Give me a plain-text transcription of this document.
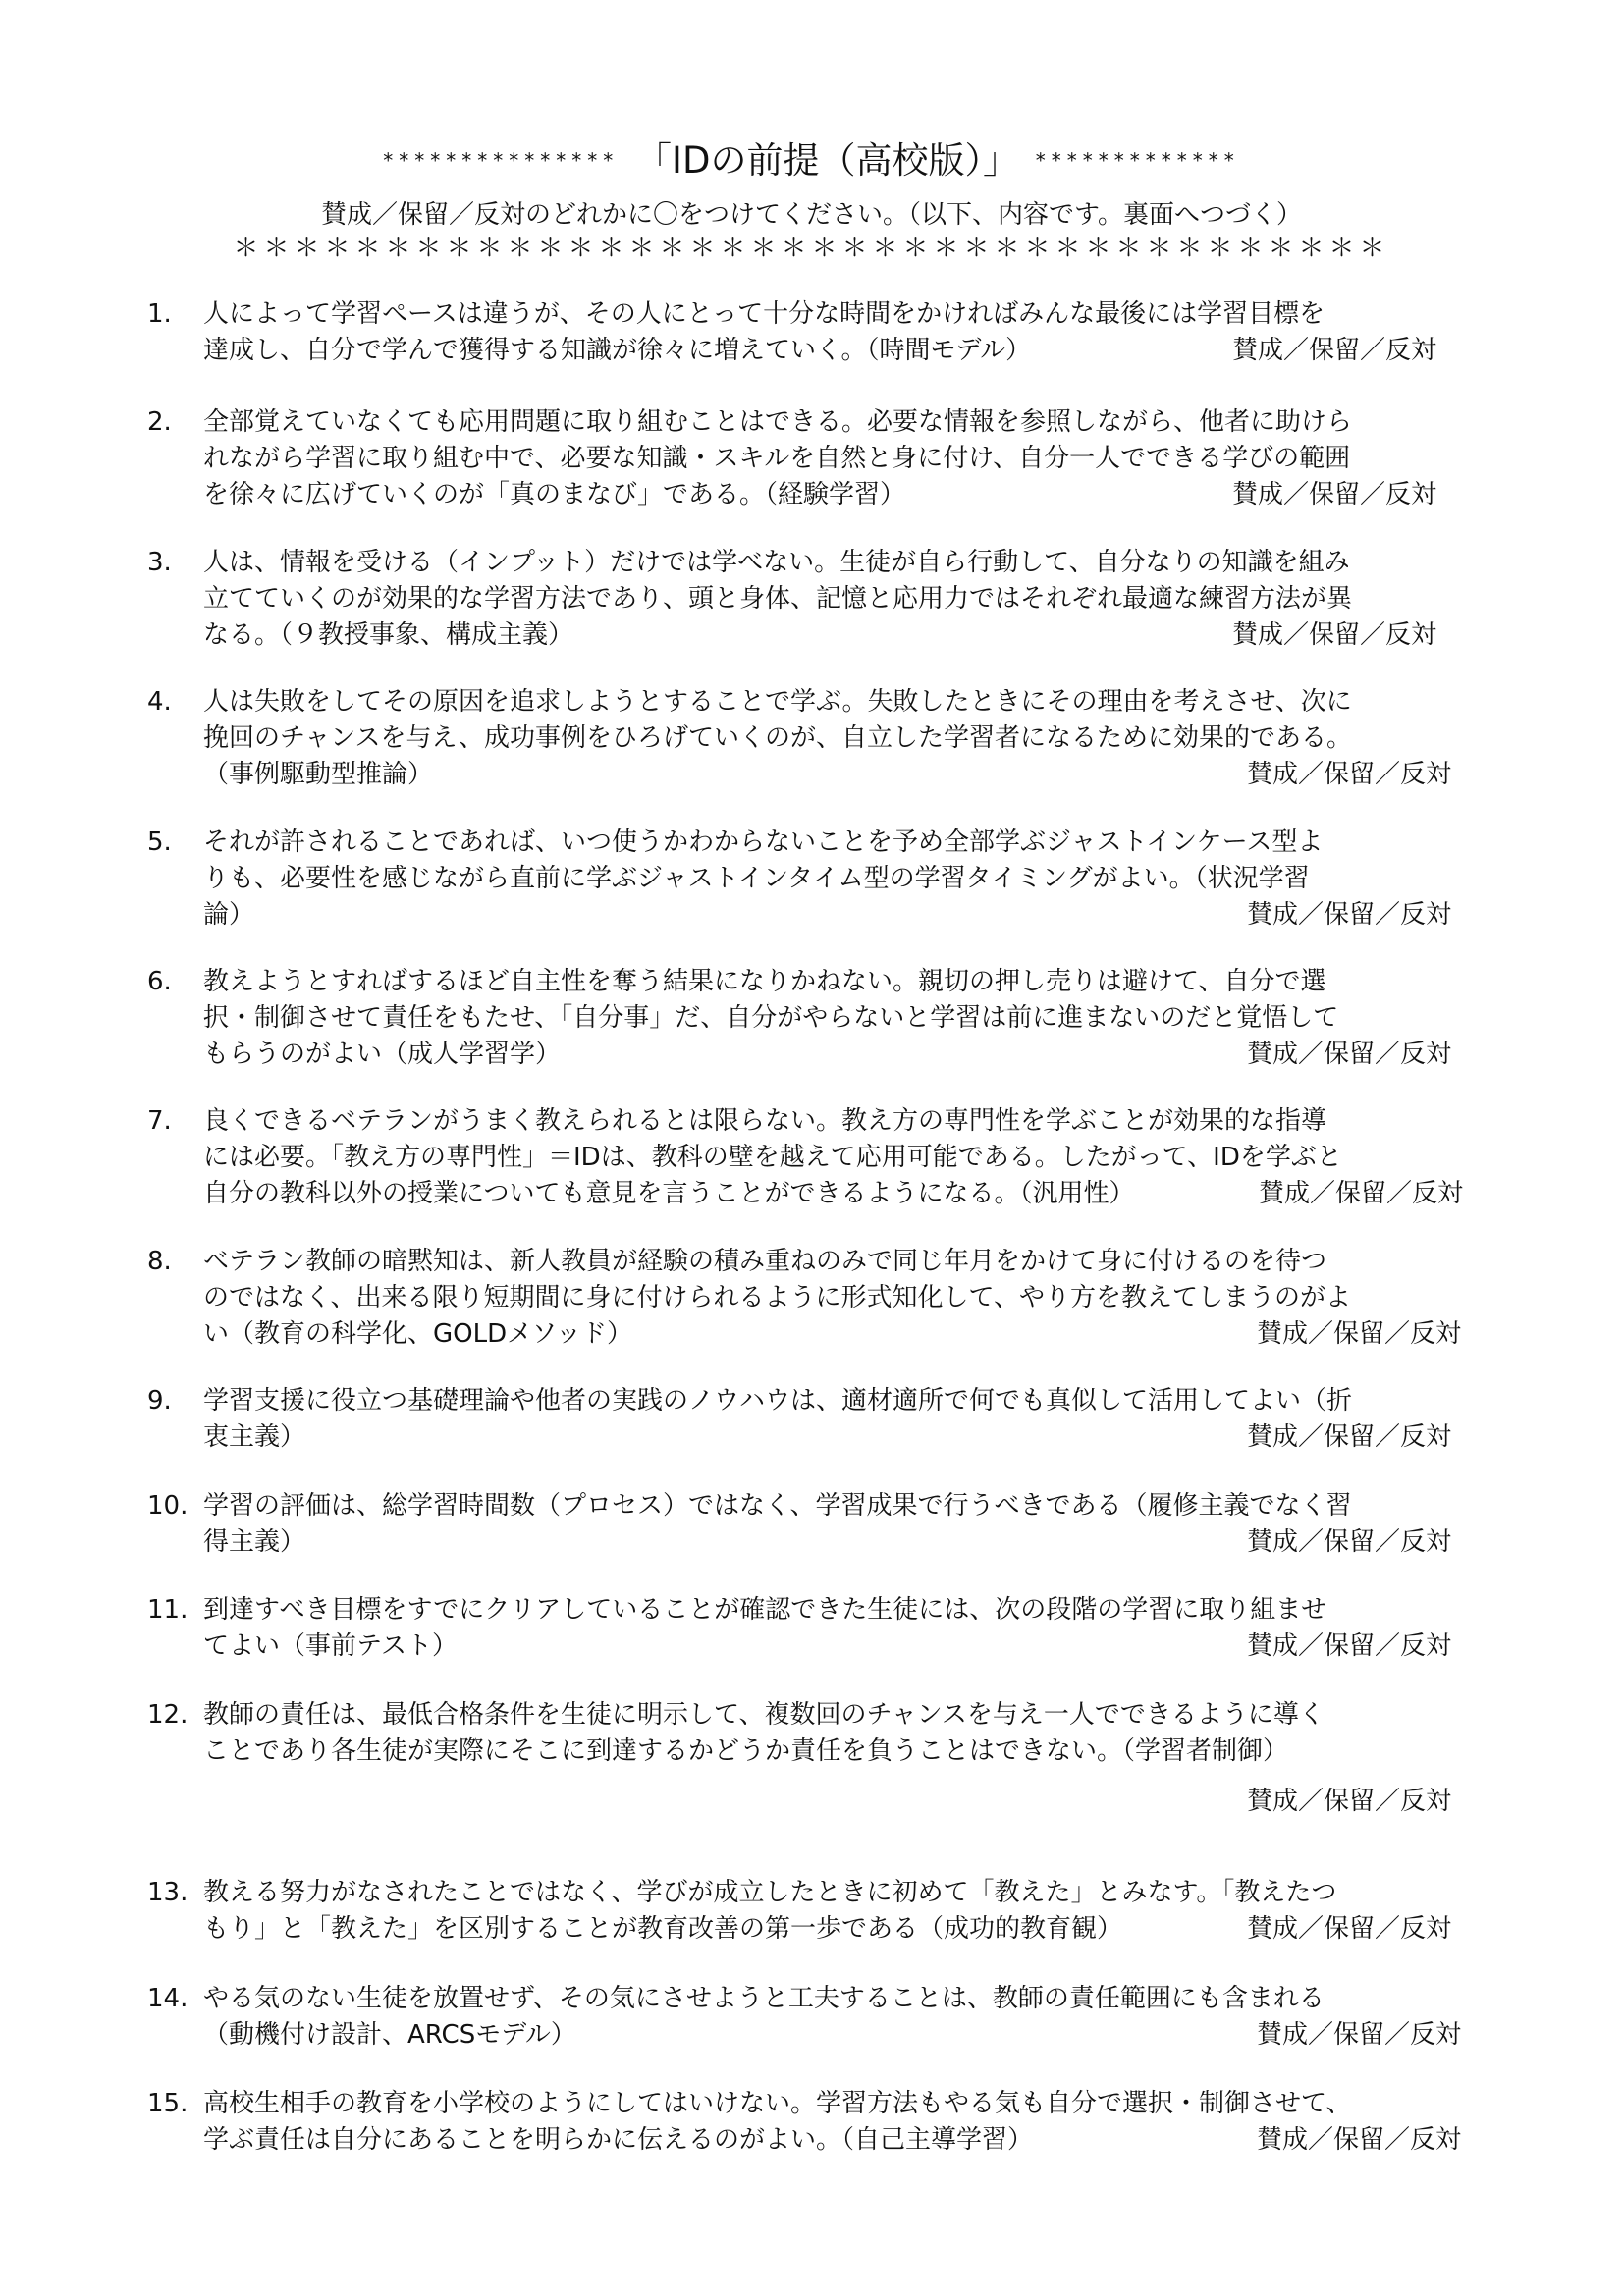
*************** 「IDの前提（高校版）」 *************
賛成／保留／反対のどれかに〇をつけてください。（以下、内容です。裏面へつづく）
＊＊＊＊＊＊＊＊＊＊＊＊＊＊＊＊＊＊＊＊＊＊＊＊＊＊＊＊＊＊＊＊＊＊＊＊＊＊
1.	人によって学習ペースは違うが、その人にとって十分な時間をかければみんな最後には学習目標を
達成し、自分で学んで獲得する知識が徐々に増えていく。（時間モデル）	賛成／保留／反対
2.	全部覚えていなくても応用問題に取り組むことはできる。必要な情報を参照しながら、他者に助けら
れながら学習に取り組む中で、必要な知識・スキルを自然と身に付け、自分一人でできる学びの範囲
を徐々に広げていくのが「真のまなび」である。（経験学習）	賛成／保留／反対
3.	人は、情報を受ける（インプット）だけでは学べない。生徒が自ら行動して、自分なりの知識を組み
立てていくのが効果的な学習方法であり、頭と身体、記憶と応用力ではそれぞれ最適な練習方法が異
なる。（９教授事象、構成主義）	賛成／保留／反対
4.	人は失敗をしてその原因を追求しようとすることで学ぶ。失敗したときにその理由を考えさせ、次に
挽回のチャンスを与え、成功事例をひろげていくのが、自立した学習者になるために効果的である。
（事例駆動型推論）	賛成／保留／反対
5.	それが許されることであれば、いつ使うかわからないことを予め全部学ぶジャストインケース型よ
りも、必要性を感じながら直前に学ぶジャストインタイム型の学習タイミングがよい。（状況学習
論）	賛成／保留／反対
6.	教えようとすればするほど自主性を奪う結果になりかねない。親切の押し売りは避けて、自分で選
択・制御させて責任をもたせ、「自分事」だ、自分がやらないと学習は前に進まないのだと覚悟して
もらうのがよい（成人学習学）	賛成／保留／反対
7.	良くできるベテランがうまく教えられるとは限らない。教え方の専門性を学ぶことが効果的な指導
には必要。「教え方の専門性」＝IDは、教科の壁を越えて応用可能である。したがって、IDを学ぶと
自分の教科以外の授業についても意見を言うことができるようになる。（汎用性）	賛成／保留／反対
8.	ベテラン教師の暗黙知は、新人教員が経験の積み重ねのみで同じ年月をかけて身に付けるのを待つ
のではなく、出来る限り短期間に身に付けられるように形式知化して、やり方を教えてしまうのがよ
い（教育の科学化、GOLDメソッド）	賛成／保留／反対
9.	学習支援に役立つ基礎理論や他者の実践のノウハウは、適材適所で何でも真似して活用してよい（折
衷主義）	賛成／保留／反対
10. 学習の評価は、総学習時間数（プロセス）ではなく、学習成果で行うべきである（履修主義でなく習
得主義）	賛成／保留／反対
11. 到達すべき目標をすでにクリアしていることが確認できた生徒には、次の段階の学習に取り組ませ
てよい（事前テスト）	賛成／保留／反対
12. 教師の責任は、最低合格条件を生徒に明示して、複数回のチャンスを与え一人でできるように導く
ことであり各生徒が実際にそこに到達するかどうか責任を負うことはできない。（学習者制御）
賛成／保留／反対
13. 教える努力がなされたことではなく、学びが成立したときに初めて「教えた」とみなす。「教えたつ
もり」と「教えた」を区別することが教育改善の第一歩である（成功的教育観）	賛成／保留／反対
14. やる気のない生徒を放置せず、その気にさせようと工夫することは、教師の責任範囲にも含まれる
（動機付け設計、ARCSモデル）	賛成／保留／反対
15. 高校生相手の教育を小学校のようにしてはいけない。学習方法もやる気も自分で選択・制御させて、
学ぶ責任は自分にあることを明らかに伝えるのがよい。（自己主導学習）	賛成／保留／反対
